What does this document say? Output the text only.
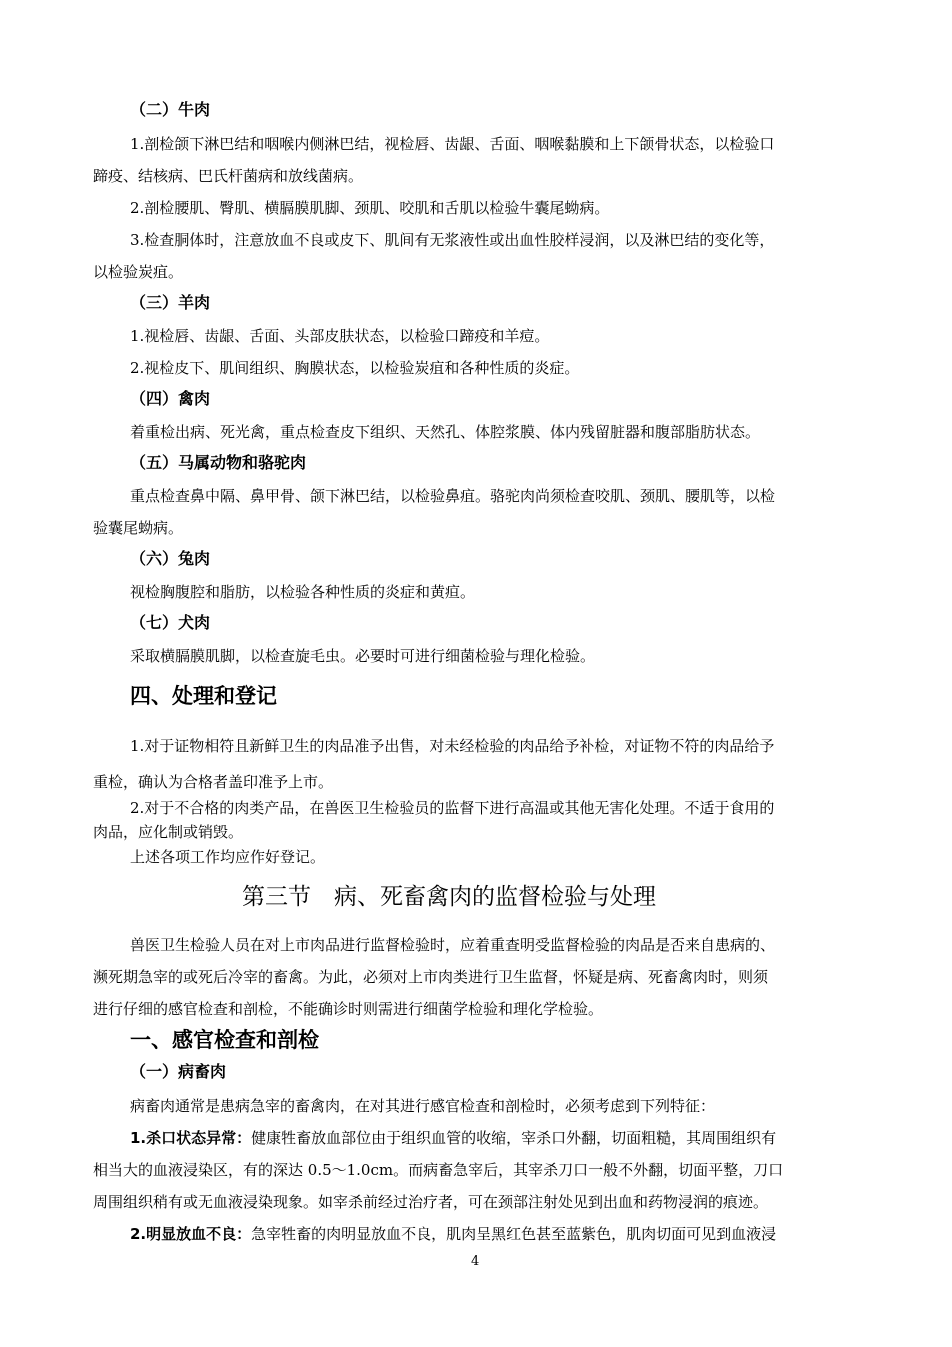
（二）牛肉
1.剖检颌下淋巴结和咽喉内侧淋巴结，视检唇、齿龈、舌面、咽喉黏膜和上下颌骨状态，以检验口
蹄疫、结核病、巴氏杆菌病和放线菌病。
2.剖检腰肌、臀肌、横膈膜肌脚、颈肌、咬肌和舌肌以检验牛囊尾蚴病。
3.检查胴体时，注意放血不良或皮下、肌间有无浆液性或出血性胶样浸润，以及淋巴结的变化等，
以检验炭疽。
（三）羊肉
1.视检唇、齿龈、舌面、头部皮肤状态，以检验口蹄疫和羊痘。
2.视检皮下、肌间组织、胸膜状态，以检验炭疽和各种性质的炎症。
（四）禽肉
着重检出病、死光禽，重点检查皮下组织、天然孔、体腔浆膜、体内残留脏器和腹部脂肪状态。
（五）马属动物和骆驼肉
重点检查鼻中隔、鼻甲骨、颌下淋巴结，以检验鼻疽。骆驼肉尚须检查咬肌、颈肌、腰肌等，以检
验囊尾蚴病。
（六）兔肉
视检胸腹腔和脂肪，以检验各种性质的炎症和黄疸。
（七）犬肉
采取横膈膜肌脚，以检查旋毛虫。必要时可进行细菌检验与理化检验。
四、处理和登记
1.对于证物相符且新鲜卫生的肉品准予出售，对未经检验的肉品给予补检，对证物不符的肉品给予
重检，确认为合格者盖印准予上市。
2.对于不合格的肉类产品，在兽医卫生检验员的监督下进行高温或其他无害化处理。不适于食用的
肉品，应化制或销毁。
上述各项工作均应作好登记。
第三节　病、死畜禽肉的监督检验与处理
兽医卫生检验人员在对上市肉品进行监督检验时，应着重查明受监督检验的肉品是否来自患病的、
濒死期急宰的或死后冷宰的畜禽。为此，必须对上市肉类进行卫生监督，怀疑是病、死畜禽肉时，则须
进行仔细的感官检查和剖检，不能确诊时则需进行细菌学检验和理化学检验。
一、感官检查和剖检
（一）病畜肉
病畜肉通常是患病急宰的畜禽肉，在对其进行感官检查和剖检时，必须考虑到下列特征：
1.杀口状态异常：健康牲畜放血部位由于组织血管的收缩，宰杀口外翻，切面粗糙，其周围组织有
相当大的血液浸染区，有的深达 0.5～1.0cm。而病畜急宰后，其宰杀刀口一般不外翻，切面平整，刀口
周围组织稍有或无血液浸染现象。如宰杀前经过治疗者，可在颈部注射处见到出血和药物浸润的痕迹。
2.明显放血不良：急宰牲畜的肉明显放血不良，肌肉呈黑红色甚至蓝紫色，肌肉切面可见到血液浸
4
